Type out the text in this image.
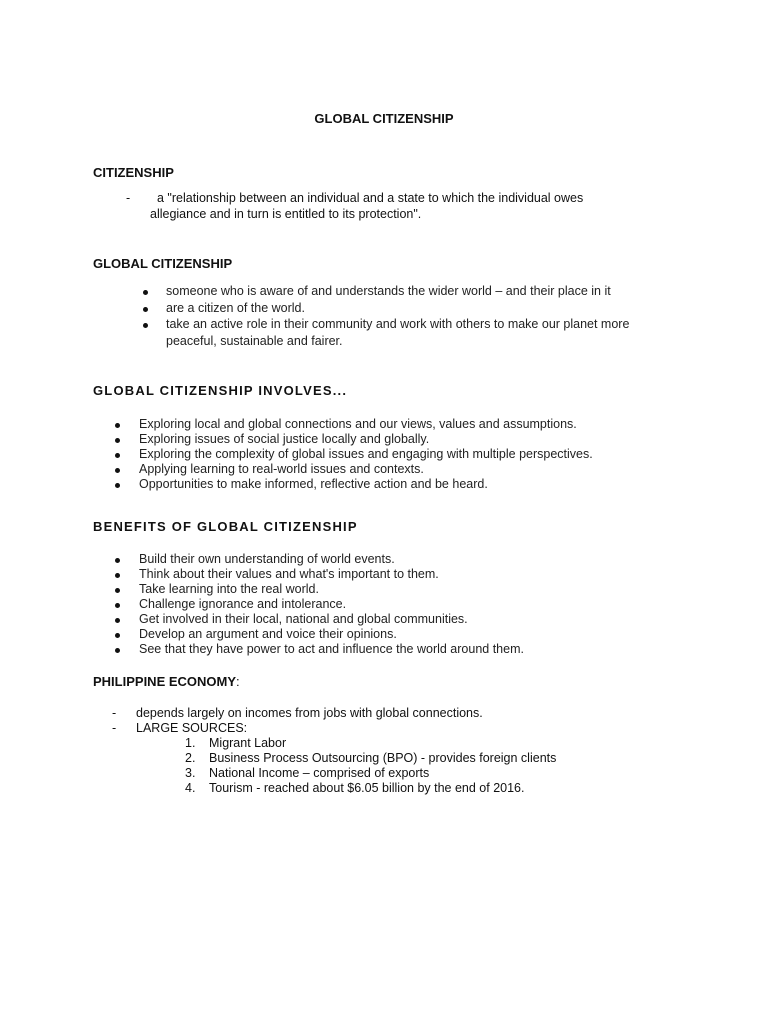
GLOBAL CITIZENSHIP
CITIZENSHIP
- a "relationship between an individual and a state to which the individual owes
allegiance and in turn is entitled to its protection".
GLOBAL CITIZENSHIP
someone who is aware of and understands the wider world – and their place in it
are a citizen of the world.
take an active role in their community and work with others to make our planet more
peaceful, sustainable and fairer.
GLOBAL CITIZENSHIP INVOLVES...
Exploring local and global connections and our views, values and assumptions.
Exploring issues of social justice locally and globally.
Exploring the complexity of global issues and engaging with multiple perspectives.
Applying learning to real-world issues and contexts.
Opportunities to make informed, reflective action and be heard.
BENEFITS OF GLOBAL CITIZENSHIP
Build their own understanding of world events.
Think about their values and what's important to them.
Take learning into the real world.
Challenge ignorance and intolerance.
Get involved in their local, national and global communities.
Develop an argument and voice their opinions.
See that they have power to act and influence the world around them.
PHILIPPINE ECONOMY:
- depends largely on incomes from jobs with global connections.
- LARGE SOURCES:
1. Migrant Labor
2. Business Process Outsourcing (BPO) - provides foreign clients
3. National Income – comprised of exports
4. Tourism - reached about $6.05 billion by the end of 2016.
